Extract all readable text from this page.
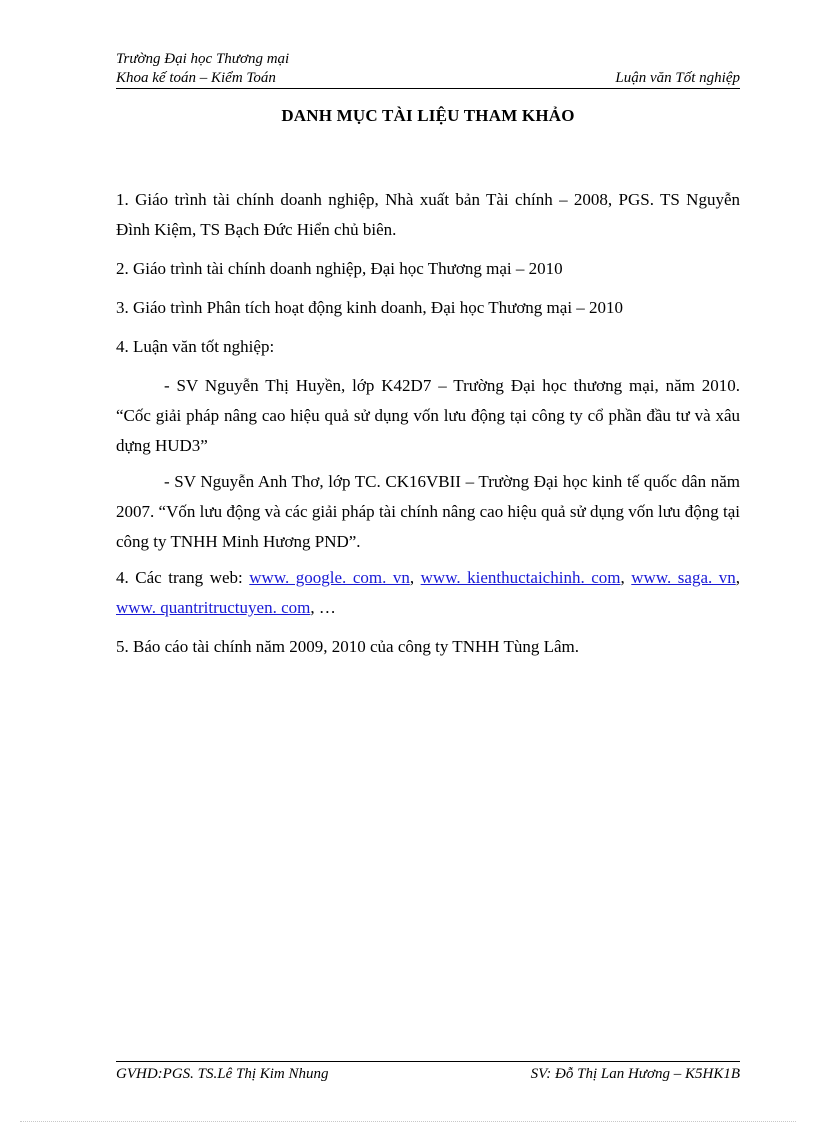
Trường Đại học Thương mại
Khoa kế toán – Kiểm Toán	Luận văn Tốt nghiệp
DANH MỤC TÀI LIỆU THAM KHẢO

1. Giáo trình tài chính doanh nghiệp, Nhà xuất bản Tài chính – 2008, PGS. TS Nguyễn Đình Kiệm, TS Bạch Đức Hiển chủ biên.

2. Giáo trình tài chính doanh nghiệp, Đại học Thương mại – 2010

3. Giáo trình Phân tích hoạt động kinh doanh, Đại học Thương mại – 2010

4. Luận văn tốt nghiệp:

- SV Nguyễn Thị Huyền, lớp K42D7 – Trường Đại học thương mại, năm 2010. “Cốc giải pháp nâng cao hiệu quả sử dụng vốn lưu động tại công ty cổ phần đầu tư và xâu dựng HUD3”

- SV Nguyễn Anh Thơ, lớp TC. CK16VBII – Trường Đại học kinh tế quốc dân năm 2007. “Vốn lưu động và các giải pháp tài chính nâng cao hiệu quả sử dụng vốn lưu động tại công ty TNHH Minh Hương PND”.

4. Các trang web: www. google. com. vn, www. kienthuctaichinh. com, www. saga. vn, www. quantritructuyen. com, …

5. Báo cáo tài chính năm 2009, 2010 của công ty TNHH Tùng Lâm.

GVHD:PGS. TS.Lê Thị Kim Nhung	SV: Đỗ Thị Lan Hương – K5HK1B
